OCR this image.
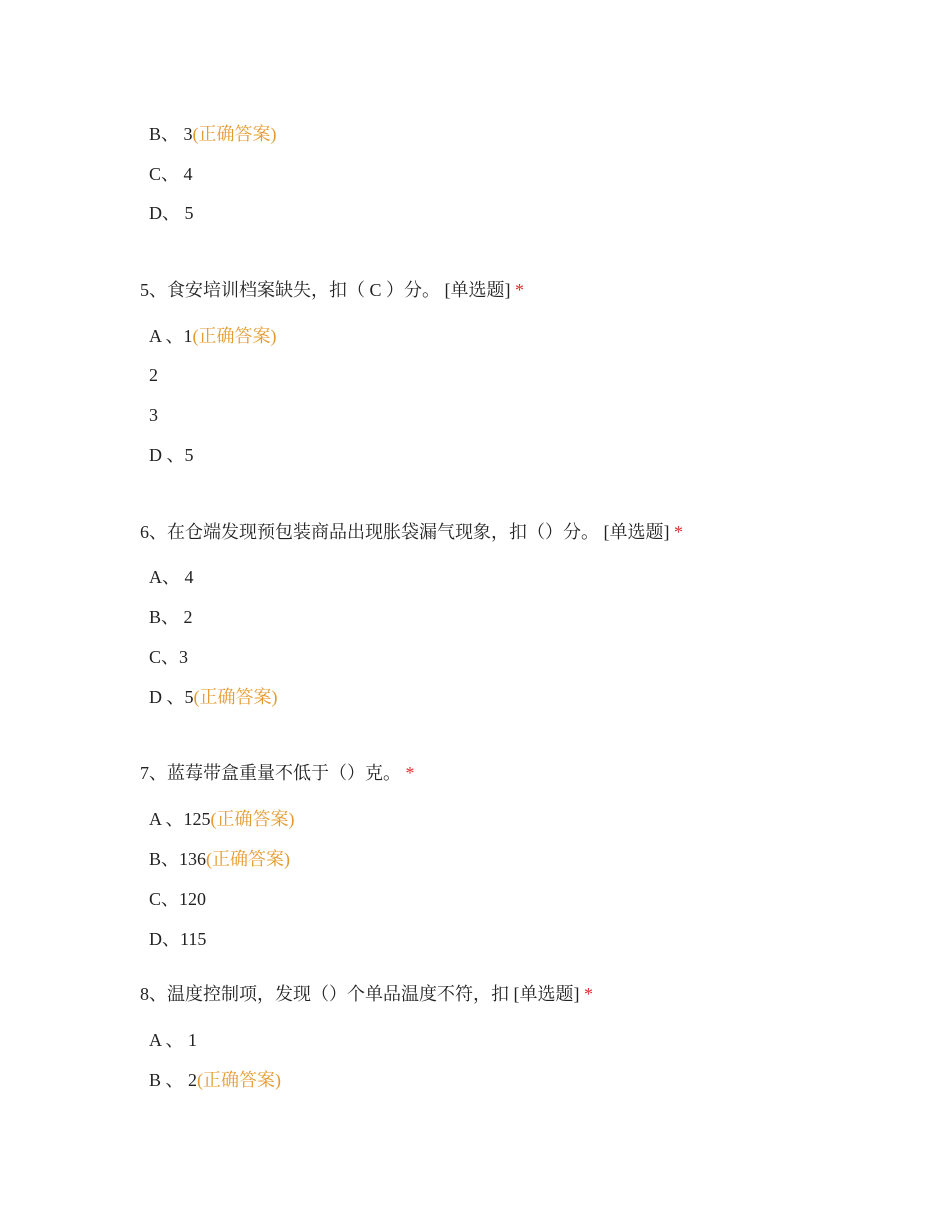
B、 3(正确答案)
C、 4
D、 5
5、食安培训档案缺失，扣（ C ）分。 [单选题] *
A 、1(正确答案)
2
3
D 、5
6、在仓端发现预包装商品出现胀袋漏气现象，扣（）分。 [单选题] *
A、 4
B、 2
C、3
D 、5(正确答案)
7、蓝莓带盒重量不低于（）克。 *
A 、125(正确答案)
B、136(正确答案)
C、120
D、115
8、温度控制项，发现（）个单品温度不符，扣 [单选题] *
A 、 1
B 、 2(正确答案)
